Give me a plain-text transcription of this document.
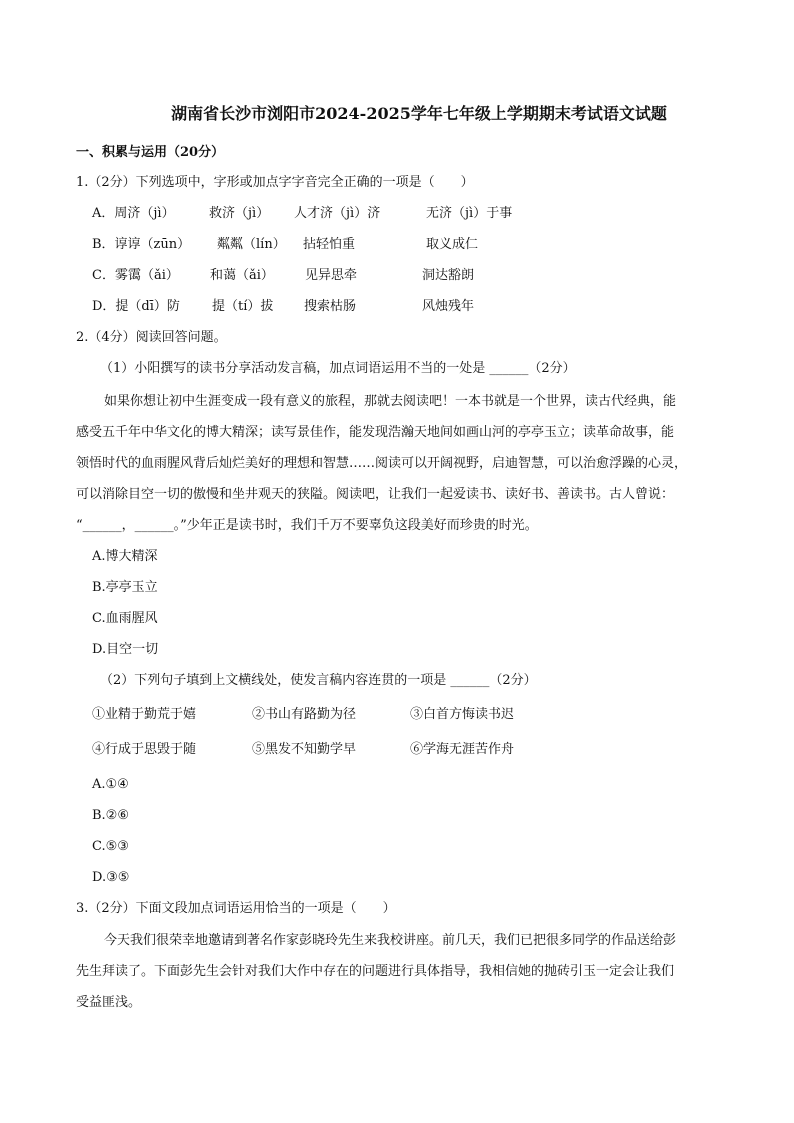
湖南省长沙市浏阳市2024-2025学年七年级上学期期末考试语文试题
一、积累与运用（20分）
1.（2分）下列选项中，字形或加点字字音完全正确的一项是（　　）
A．周济（jì）	救济（jì） 人才济（jì）济	无济（jì）于事
B．谆谆（zūn） 粼粼（lín） 拈轻怕重	取义成仁
C．雾霭（ǎi） 和蔼（ǎi） 见异思牵	洞达豁朗
D．提（dī）防 提（tí）拔 搜索枯肠	风烛残年
2.（4分）阅读回答问题。
（1）小阳撰写的读书分享活动发言稿，加点词语运用不当的一处是 ______（2分）
如果你想让初中生涯变成一段有意义的旅程，那就去阅读吧！一本书就是一个世界，读古代经典，能
感受五千年中华文化的博大精深；读写景佳作，能发现浩瀚天地间如画山河的亭亭玉立；读革命故事，能
领悟时代的血雨腥风背后灿烂美好的理想和智慧……阅读可以开阔视野，启迪智慧，可以治愈浮躁的心灵，
可以消除目空一切的傲慢和坐井观天的狭隘。阅读吧，让我们一起爱读书、读好书、善读书。古人曾说：
“______，______。”少年正是读书时，我们千万不要辜负这段美好而珍贵的时光。
A.博大精深
B.亭亭玉立
C.血雨腥风
D.目空一切
（2）下列句子填到上文横线处，使发言稿内容连贯的一项是 ______（2分）
①业精于勤荒于嬉	②书山有路勤为径	③白首方悔读书迟
④行成于思毁于随	⑤黑发不知勤学早	⑥学海无涯苦作舟
A.①④
B.②⑥
C.⑤③
D.③⑤
3.（2分）下面文段加点词语运用恰当的一项是（　　）
今天我们很荣幸地邀请到著名作家彭晓玲先生来我校讲座。前几天，我们已把很多同学的作品送给彭
先生拜读了。下面彭先生会针对我们大作中存在的问题进行具体指导，我相信她的抛砖引玉一定会让我们
受益匪浅。
